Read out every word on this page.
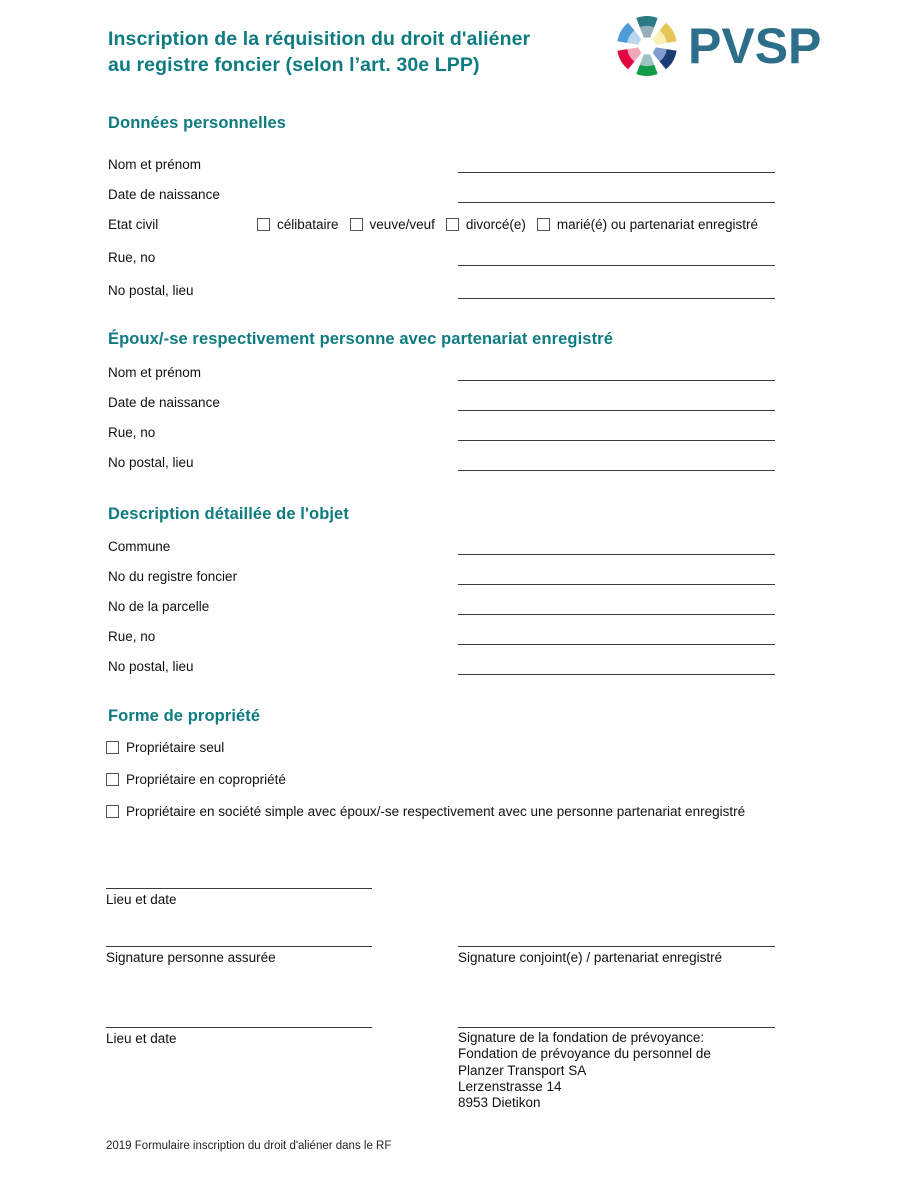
Inscription de la réquisition du droit d'aliéner
au registre foncier (selon l’art. 30e LPP)	PVSP
Données personnelles
Nom et prénom
Date de naissance
Etat civil	célibataire veuve/veuf divorcé(e) marié(é) ou partenariat enregistré
Rue, no
No postal, lieu
Époux/-se respectivement personne avec partenariat enregistré
Nom et prénom
Date de naissance
Rue, no
No postal, lieu
Description détaillée de l'objet
Commune
No du registre foncier
No de la parcelle
Rue, no
No postal, lieu
Forme de propriété
Propriétaire seul
Propriétaire en copropriété
Propriétaire en société simple avec époux/-se respectivement avec une personne partenariat enregistré
Lieu et date
Signature personne assurée	Signature conjoint(e) / partenariat enregistré
Lieu et date	Signature de la fondation de prévoyance:
Fondation de prévoyance du personnel de
Planzer Transport SA
Lerzenstrasse 14
8953 Dietikon
2019 Formulaire inscription du droit d'aliéner dans le RF
